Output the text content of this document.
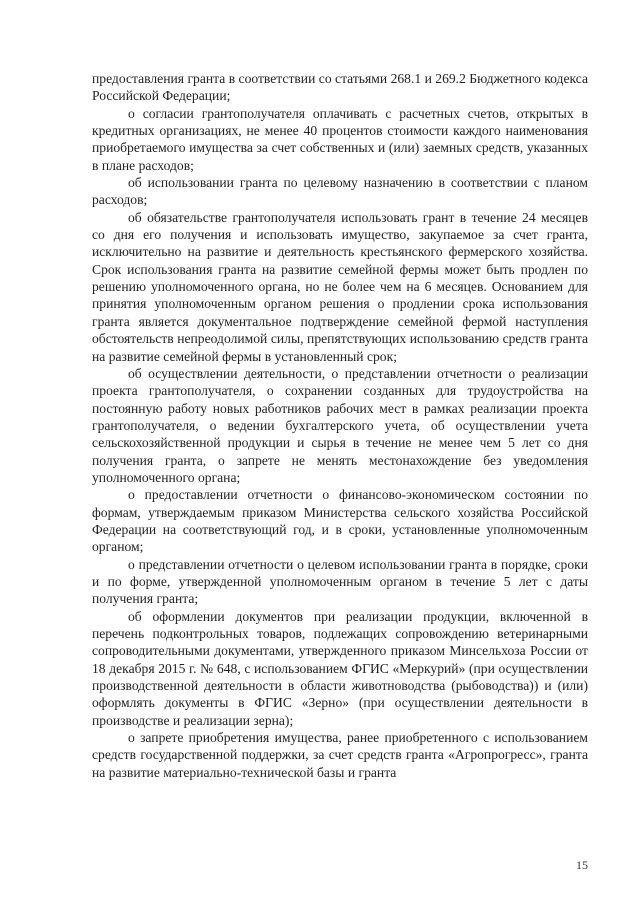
предоставления гранта в соответствии со статьями 268.1 и 269.2 Бюджетного кодекса Российской Федерации;

о согласии грантополучателя оплачивать с расчетных счетов, открытых в кредитных организациях, не менее 40 процентов стоимости каждого наименования приобретаемого имущества за счет собственных и (или) заемных средств, указанных в плане расходов;

об использовании гранта по целевому назначению в соответствии с планом расходов;

об обязательстве грантополучателя использовать грант в течение 24 месяцев со дня его получения и использовать имущество, закупаемое за счет гранта, исключительно на развитие и деятельность крестьянского фермерского хозяйства. Срок использования гранта на развитие семейной фермы может быть продлен по решению уполномоченного органа, но не более чем на 6 месяцев. Основанием для принятия уполномоченным органом решения о продлении срока использования гранта является документальное подтверждение семейной фермой наступления обстоятельств непреодолимой силы, препятствующих использованию средств гранта на развитие семейной фермы в установленный срок;

об осуществлении деятельности, о представлении отчетности о реализации проекта грантополучателя, о сохранении созданных для трудоустройства на постоянную работу новых работников рабочих мест в рамках реализации проекта грантополучателя, о ведении бухгалтерского учета, об осуществлении учета сельскохозяйственной продукции и сырья в течение не менее чем 5 лет со дня получения гранта, о запрете не менять местонахождение без уведомления уполномоченного органа;

о предоставлении отчетности о финансово-экономическом состоянии по формам, утверждаемым приказом Министерства сельского хозяйства Российской Федерации на соответствующий год, и в сроки, установленные уполномоченным органом;

о представлении отчетности о целевом использовании гранта в порядке, сроки и по форме, утвержденной уполномоченным органом в течение 5 лет с даты получения гранта;

об оформлении документов при реализации продукции, включенной в перечень подконтрольных товаров, подлежащих сопровождению ветеринарными сопроводительными документами, утвержденного приказом Минсельхоза России от 18 декабря 2015 г. № 648, с использованием ФГИС «Меркурий» (при осуществлении производственной деятельности в области животноводства (рыбоводства)) и (или) оформлять документы в ФГИС «Зерно» (при осуществлении деятельности в производстве и реализации зерна);

о запрете приобретения имущества, ранее приобретенного с использованием средств государственной поддержки, за счет средств гранта «Агропрогресс», гранта на развитие материально-технической базы и гранта

15
